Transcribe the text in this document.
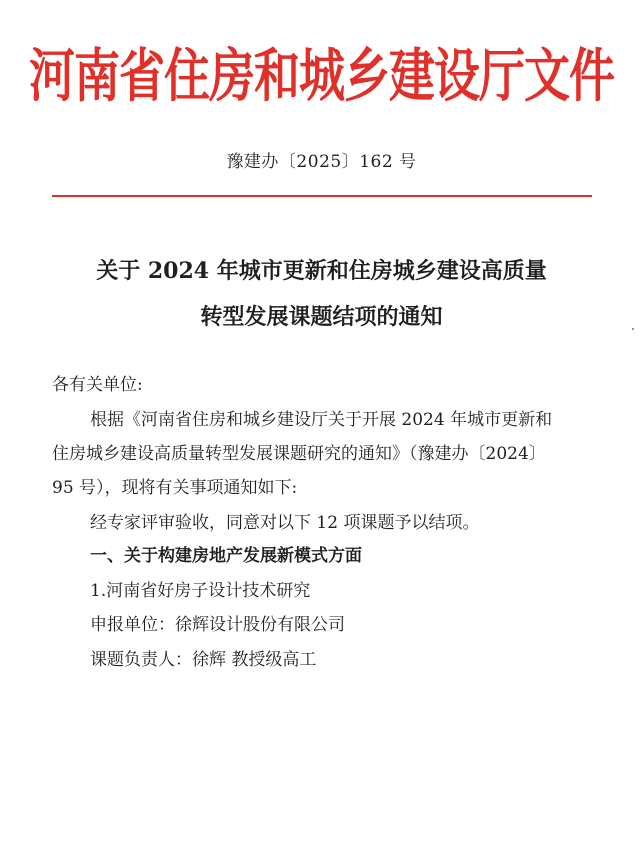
河南省住房和城乡建设厅文件
豫建办〔2025〕162 号
关于 2024 年城市更新和住房城乡建设高质量
转型发展课题结项的通知
各有关单位:
根据《河南省住房和城乡建设厅关于开展 2024 年城市更新和
住房城乡建设高质量转型发展课题研究的通知》（豫建办〔2024〕
95 号），现将有关事项通知如下:
经专家评审验收，同意对以下 12 项课题予以结项。
一、关于构建房地产发展新模式方面
1.河南省好房子设计技术研究
申报单位：徐辉设计股份有限公司
课题负责人：徐辉 教授级高工
